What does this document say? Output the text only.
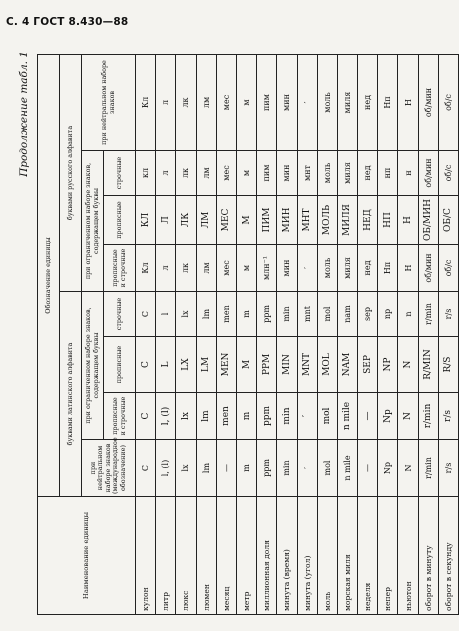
С. 4 ГОСТ 8.430—88
Продолжение табл. 1
Наименование единицы	Обозначение единицы							
	буквами латинского алфавита				буквами русского алфавита			
	при нейтральном наборе знаков (международное обозначение)	при ограниченном наборе знаков, содержащем буквы			при ограниченном наборе знаков, содержащем буквы			при нейтральном наборе знаков
		прописные и строчные	прописные	строчные	прописные и строчные	прописные	строчные	
кулон	C	C	C	C	Кл	КЛ	кл	Кл
литр	l, (l)	l, (l)	L	l	л	Л	л	л
люкс	lx	lx	LX	lx	лк	ЛК	лк	лк
люмен	lm	lm	LM	lm	лм	ЛМ	лм	лм
месяц	—	men	MEN	men	мес	МЕС	мес	мес
метр	m	m	M	m	м	М	м	м
миллионная доля	ppm	ppm	PPM	ppm	млн⁻¹	ПИМ	пим	пим
минута (время)	min	min	MIN	min	мин	МИН	мин	мин
минута (угол)	′	′	MNT	mnt	′	МНТ	мнт	′
моль	mol	mol	MOL	mol	моль	МОЛЬ	моль	моль
морская миля	n mile	n mile	NAM	nam	миля	МИЛЯ	миля	миля
неделя	—	—	SEP	sep	нед	НЕД	нед	нед
непер	Np	Np	NP	np	Нп	НП	нп	Нп
ньютон	N	N	N	n	Н	Н	н	Н
оборот в минуту	r/min	r/min	R/MIN	r/min	об/мин	ОБ/МИН	об/мин	об/мин
оборот в секунду	r/s	r/s	R/S	r/s	об/с	ОБ/С	об/с	об/с
